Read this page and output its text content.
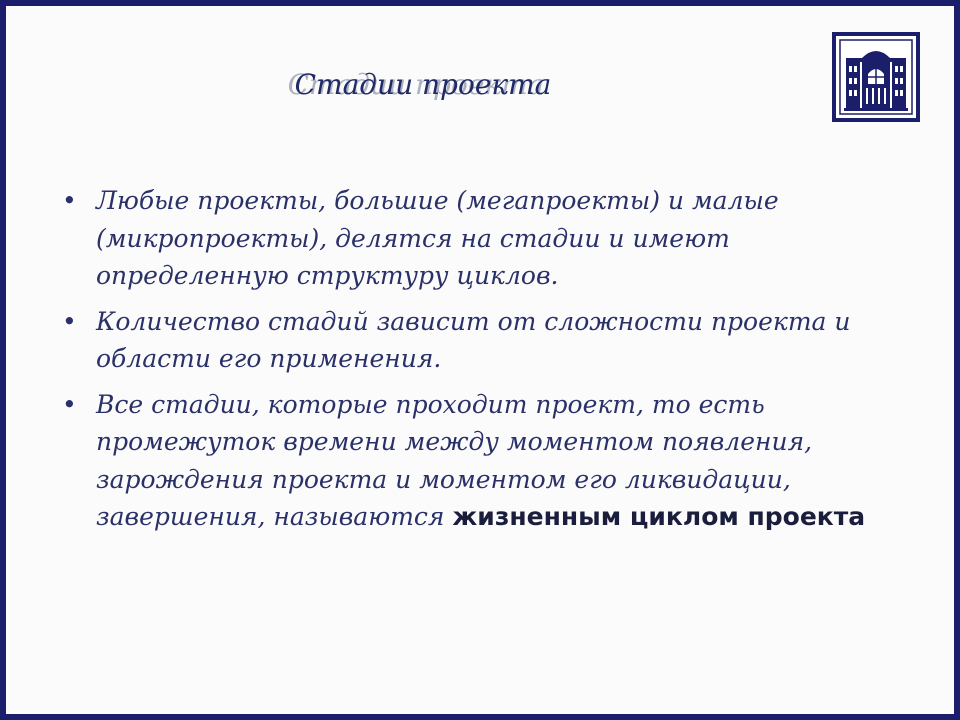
Стадии проекта
• Любые проекты, большие (мегапроекты) и малые (микропроекты), делятся на стадии и имеют определенную структуру циклов.
• Количество стадий зависит от сложности проекта и области его применения.
• Все стадии, которые проходит проект, то есть промежуток времени между моментом появления, зарождения проекта и моментом его ликвидации, завершения, называются жизненным циклом проекта
